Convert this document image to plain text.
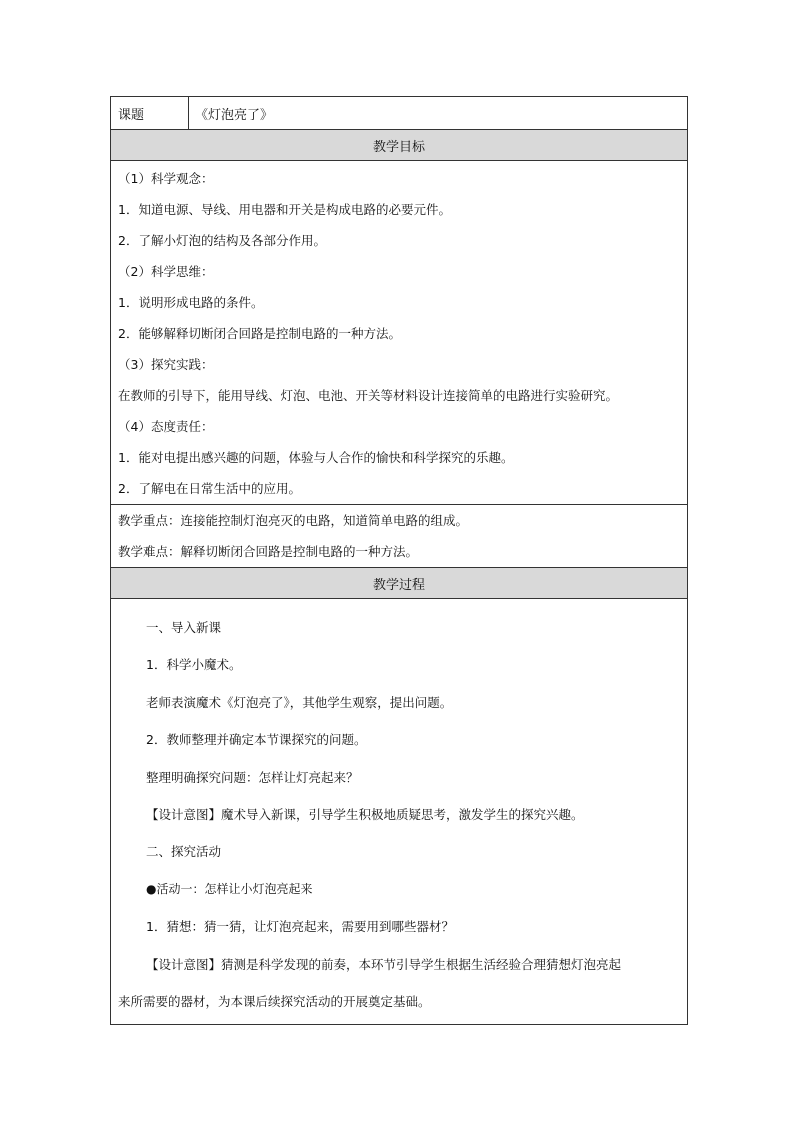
课题	《灯泡亮了》
教学目标
（1）科学观念：
1．知道电源、导线、用电器和开关是构成电路的必要元件。
2．了解小灯泡的结构及各部分作用。
（2）科学思维：
1．说明形成电路的条件。
2．能够解释切断闭合回路是控制电路的一种方法。
（3）探究实践：
在教师的引导下，能用导线、灯泡、电池、开关等材料设计连接简单的电路进行实验研究。
（4）态度责任：
1．能对电提出感兴趣的问题，体验与人合作的愉快和科学探究的乐趣。
2．了解电在日常生活中的应用。
教学重点：连接能控制灯泡亮灭的电路，知道简单电路的组成。
教学难点：解释切断闭合回路是控制电路的一种方法。
教学过程
一、导入新课
1．科学小魔术。
老师表演魔术《灯泡亮了》，其他学生观察，提出问题。
2．教师整理并确定本节课探究的问题。
整理明确探究问题：怎样让灯亮起来？
【设计意图】魔术导入新课，引导学生积极地质疑思考，激发学生的探究兴趣。
二、探究活动
●活动一：怎样让小灯泡亮起来
1．猜想：猜一猜，让灯泡亮起来，需要用到哪些器材？
【设计意图】猜测是科学发现的前奏，本环节引导学生根据生活经验合理猜想灯泡亮起
来所需要的器材，为本课后续探究活动的开展奠定基础。
